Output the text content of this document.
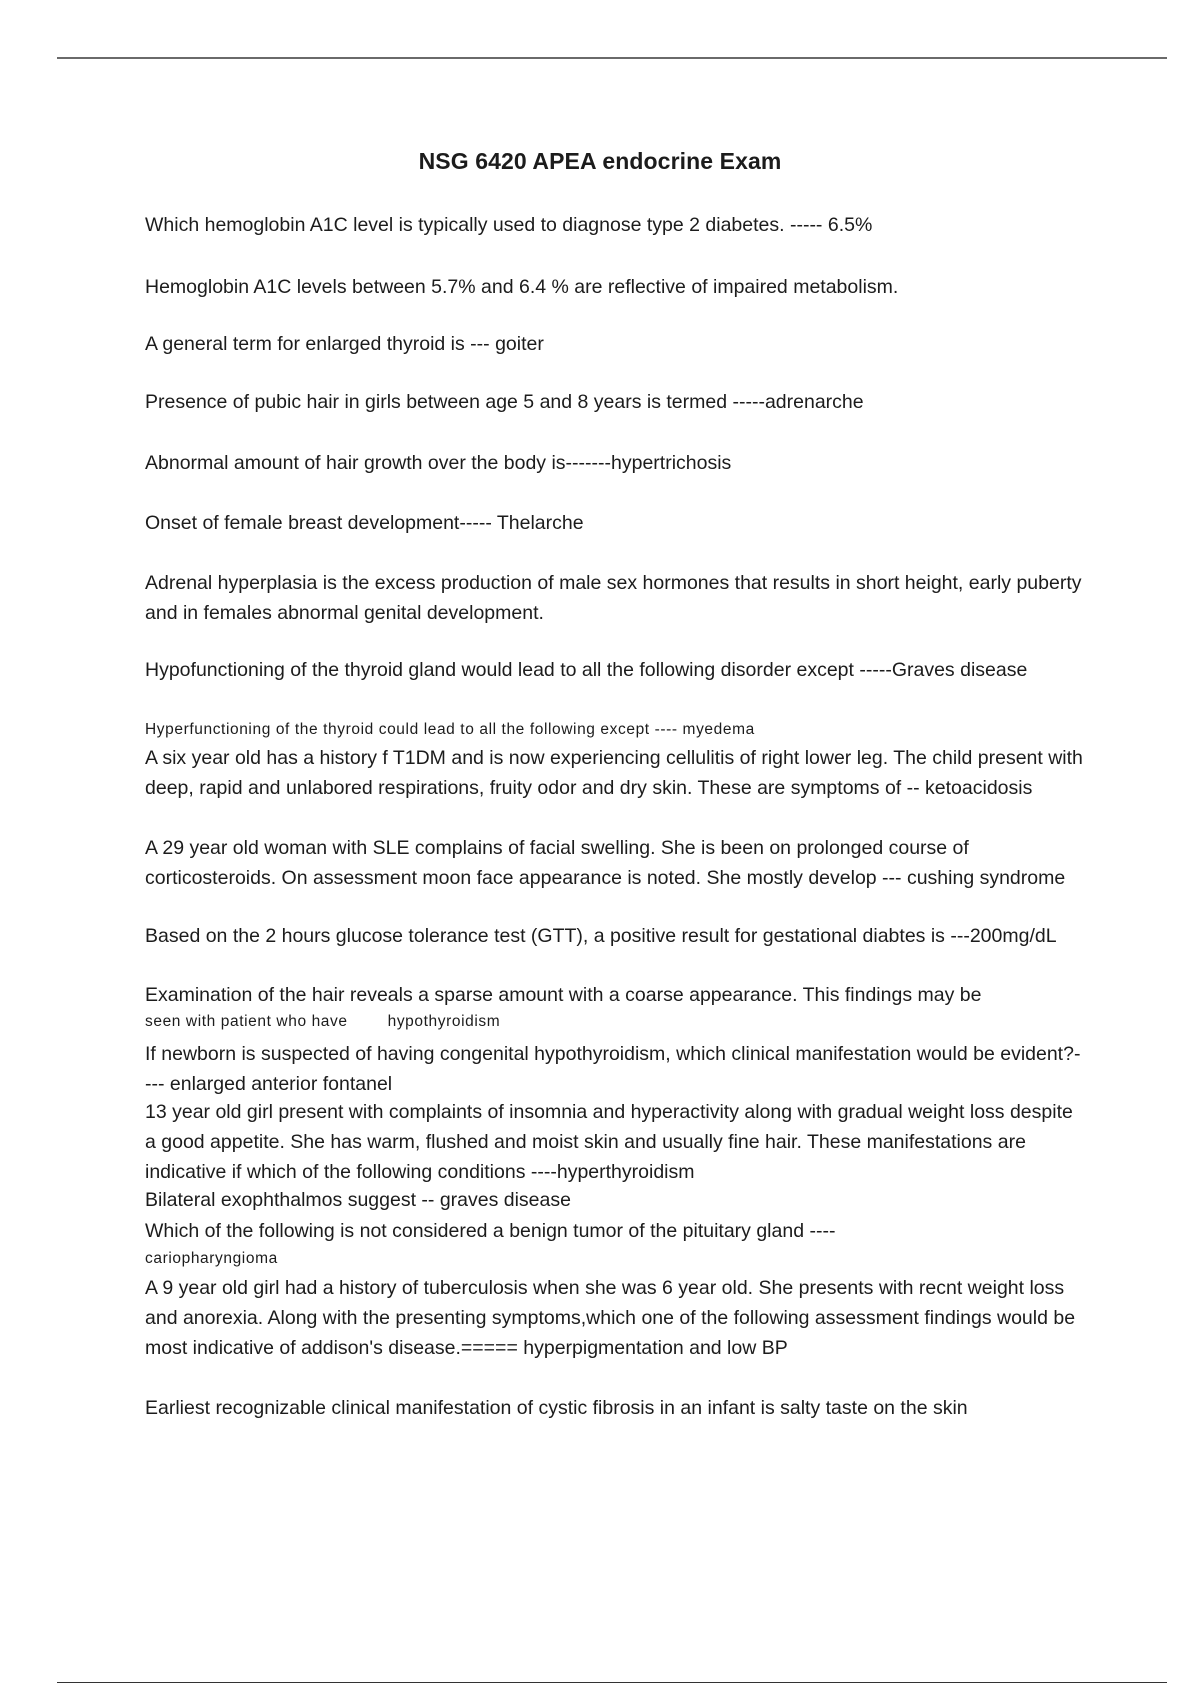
NSG 6420 APEA endocrine Exam

Which hemoglobin A1C level is typically used to diagnose type 2 diabetes. ----- 6.5%

Hemoglobin A1C levels between 5.7% and 6.4 % are reflective of impaired metabolism.

A general term for enlarged thyroid is --- goiter

Presence of pubic hair in girls between age 5 and 8 years is termed -----adrenarche

Abnormal amount of hair growth over the body is-------hypertrichosis

Onset of female breast development----- Thelarche

Adrenal hyperplasia is the excess production of male sex hormones that results in short height, early puberty and in females abnormal genital development.

Hypofunctioning of the thyroid gland would lead to all the following disorder except -----Graves disease

Hyperfunctioning of the thyroid could lead to all the following except ---- myedema

A six year old has a history f T1DM and is now experiencing cellulitis of right lower leg. The child present with deep, rapid and unlabored respirations, fruity odor and dry skin. These are symptoms of -- ketoacidosis

A 29 year old woman with SLE complains of facial swelling. She is been on prolonged course of corticosteroids. On assessment moon face appearance is noted. She mostly develop --- cushing syndrome

Based on the 2 hours glucose tolerance test (GTT), a positive result for gestational diabtes is ---200mg/dL

Examination of the hair reveals a sparse amount with a coarse appearance. This findings may be

seen with patient who have	hypothyroidism

If newborn is suspected of having congenital hypothyroidism, which clinical manifestation would be evident?---- enlarged anterior fontanel

13 year old girl present with complaints of insomnia and hyperactivity along with gradual weight loss despite a good appetite. She has warm, flushed and moist skin and usually fine hair. These manifestations are indicative if which of the following conditions ----hyperthyroidism

Bilateral exophthalmos suggest -- graves disease

Which of the following is not considered a benign tumor of the pituitary gland ----

cariopharyngioma

A 9 year old girl had a history of tuberculosis when she was 6 year old. She presents with recnt weight loss and anorexia. Along with the presenting symptoms,which one of the following assessment findings would be most indicative of addison's disease.===== hyperpigmentation and low BP

Earliest recognizable clinical manifestation of cystic fibrosis in an infant is salty taste on the skin
